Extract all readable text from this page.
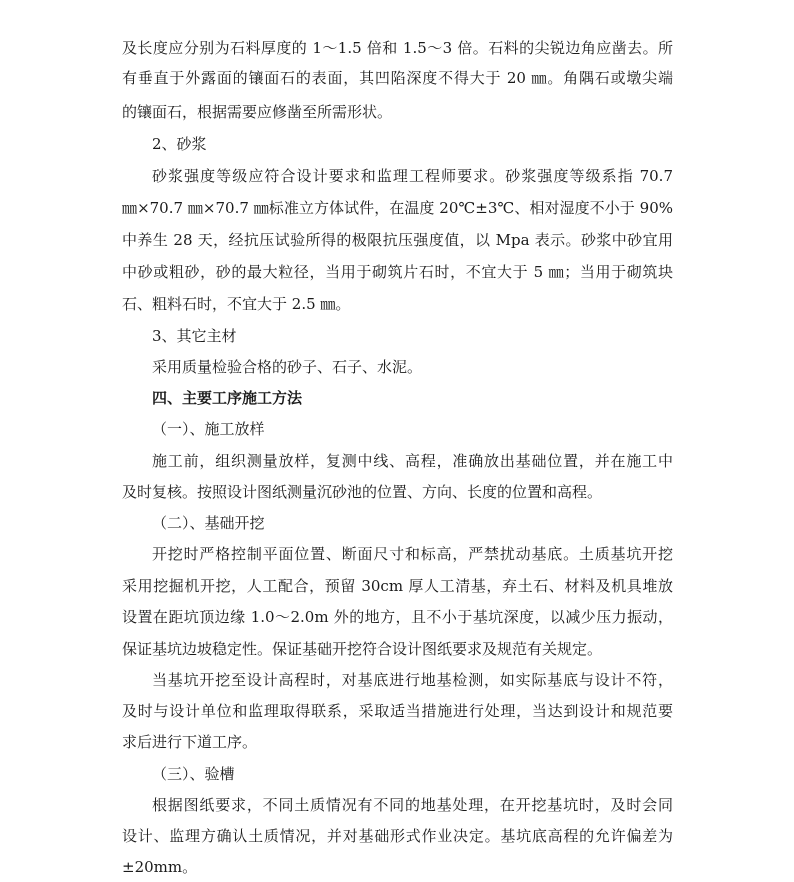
及长度应分别为石料厚度的 1～1.5 倍和 1.5～3 倍。石料的尖锐边角应凿去。所
有垂直于外露面的镶面石的表面，其凹陷深度不得大于 20 ㎜。角隅石或墩尖端
的镶面石，根据需要应修凿至所需形状。
2、砂浆
砂浆强度等级应符合设计要求和监理工程师要求。砂浆强度等级系指 70.7
㎜×70.7 ㎜×70.7 ㎜标准立方体试件，在温度 20℃±3℃、相对湿度不小于 90%
中养生 28 天，经抗压试验所得的极限抗压强度值，以 Mpa 表示。砂浆中砂宜用
中砂或粗砂，砂的最大粒径，当用于砌筑片石时，不宜大于 5 ㎜；当用于砌筑块
石、粗料石时，不宜大于 2.5 ㎜。
3、其它主材
采用质量检验合格的砂子、石子、水泥。
四、主要工序施工方法
（一）、施工放样
施工前，组织测量放样，复测中线、高程，准确放出基础位置，并在施工中
及时复核。按照设计图纸测量沉砂池的位置、方向、长度的位置和高程。
（二）、基础开挖
开挖时严格控制平面位置、断面尺寸和标高，严禁扰动基底。土质基坑开挖
采用挖掘机开挖，人工配合，预留 30cm 厚人工清基，弃土石、材料及机具堆放
设置在距坑顶边缘 1.0～2.0m 外的地方，且不小于基坑深度，以减少压力振动，
保证基坑边坡稳定性。保证基础开挖符合设计图纸要求及规范有关规定。
当基坑开挖至设计高程时，对基底进行地基检测，如实际基底与设计不符，
及时与设计单位和监理取得联系，采取适当措施进行处理，当达到设计和规范要
求后进行下道工序。
（三）、验槽
根据图纸要求，不同土质情况有不同的地基处理，在开挖基坑时，及时会同
设计、监理方确认土质情况，并对基础形式作业决定。基坑底高程的允许偏差为
±20mm。
